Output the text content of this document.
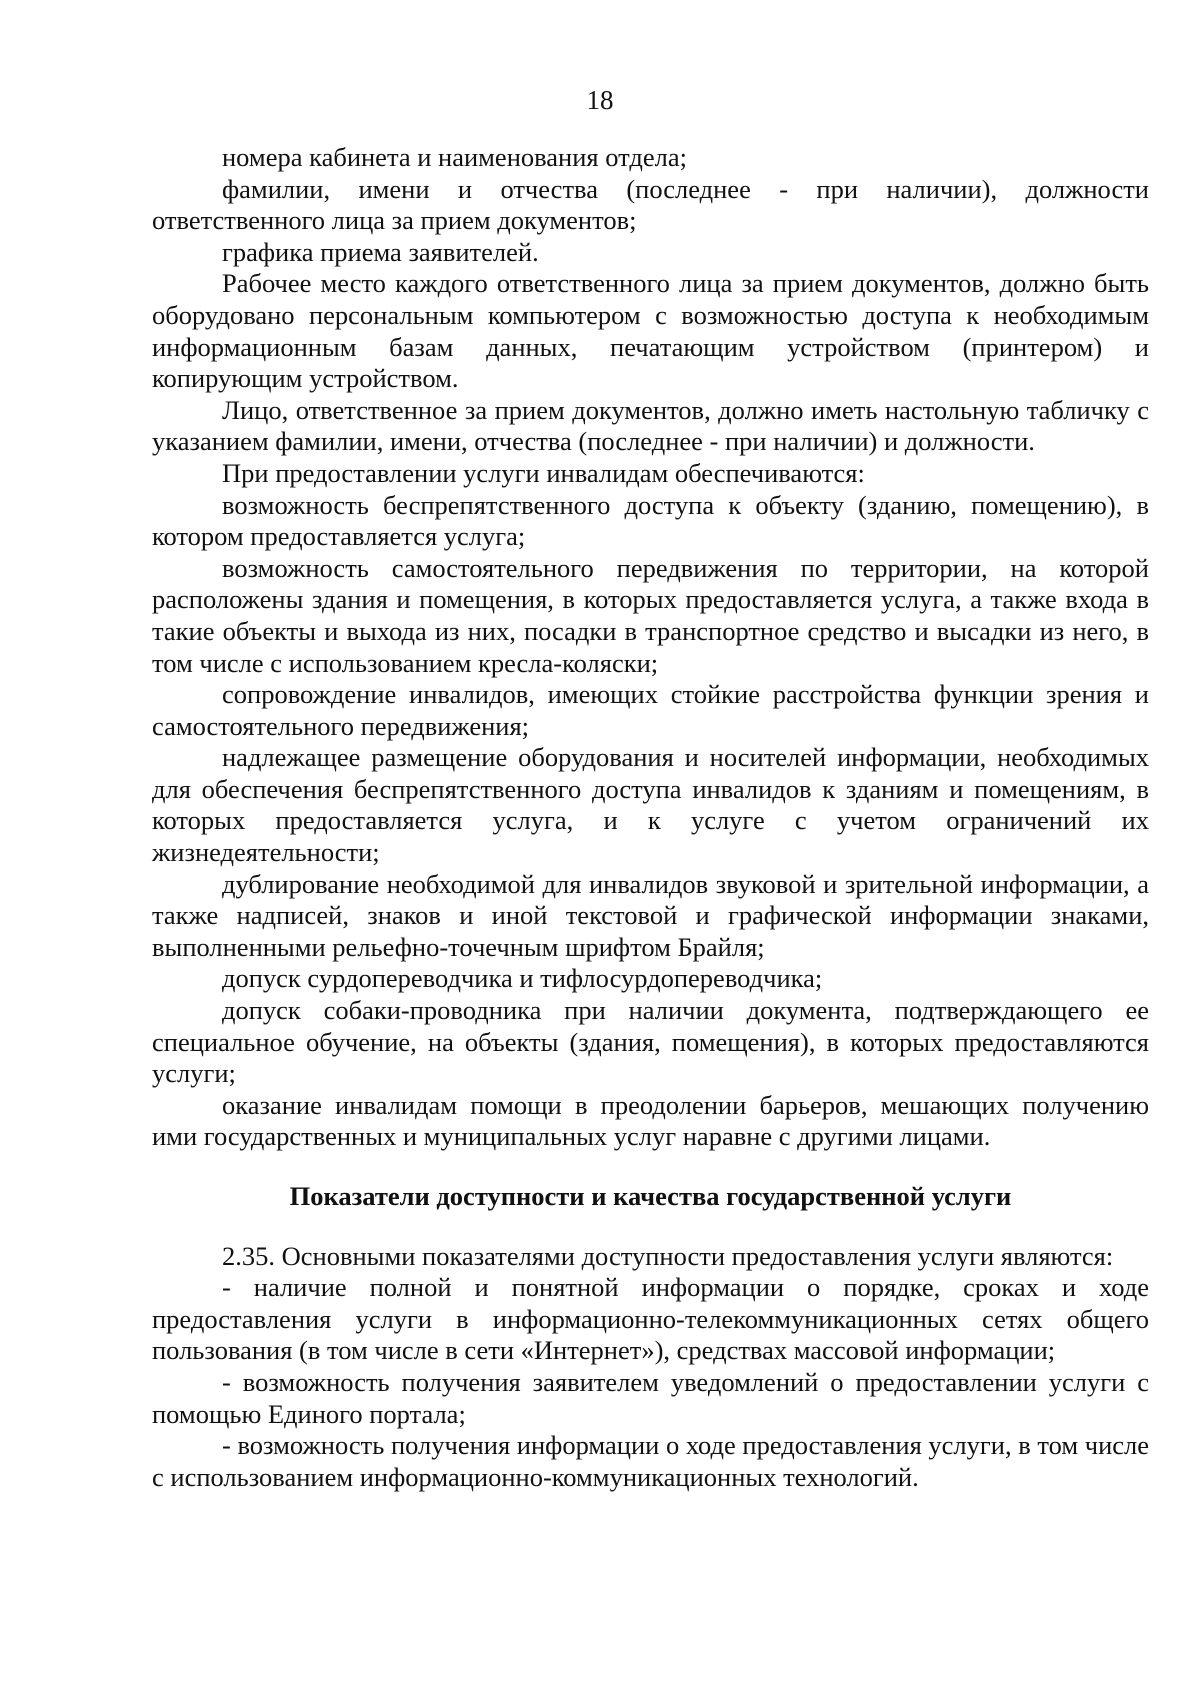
18

номера кабинета и наименования отдела;

фамилии, имени и отчества (последнее - при наличии), должности ответственного лица за прием документов;

графика приема заявителей.

Рабочее место каждого ответственного лица за прием документов, должно быть оборудовано персональным компьютером с возможностью доступа к необходимым информационным базам данных, печатающим устройством (принтером) и копирующим устройством.

Лицо, ответственное за прием документов, должно иметь настольную табличку с указанием фамилии, имени, отчества (последнее - при наличии) и должности.

При предоставлении услуги инвалидам обеспечиваются:

возможность беспрепятственного доступа к объекту (зданию, помещению), в котором предоставляется услуга;

возможность самостоятельного передвижения по территории, на которой расположены здания и помещения, в которых предоставляется услуга, а также входа в такие объекты и выхода из них, посадки в транспортное средство и высадки из него, в том числе с использованием кресла-коляски;

сопровождение инвалидов, имеющих стойкие расстройства функции зрения и самостоятельного передвижения;

надлежащее размещение оборудования и носителей информации, необходимых для обеспечения беспрепятственного доступа инвалидов к зданиям и помещениям, в которых предоставляется услуга, и к услуге с учетом ограничений их жизнедеятельности;

дублирование необходимой для инвалидов звуковой и зрительной информации, а также надписей, знаков и иной текстовой и графической информации знаками, выполненными рельефно-точечным шрифтом Брайля;

допуск сурдопереводчика и тифлосурдопереводчика;

допуск собаки-проводника при наличии документа, подтверждающего ее специальное обучение, на объекты (здания, помещения), в которых предоставляются услуги;

оказание инвалидам помощи в преодолении барьеров, мешающих получению ими государственных и муниципальных услуг наравне с другими лицами.

Показатели доступности и качества государственной услуги

2.35. Основными показателями доступности предоставления услуги являются:

- наличие полной и понятной информации о порядке, сроках и ходе предоставления услуги в информационно-телекоммуникационных сетях общего пользования (в том числе в сети «Интернет»), средствах массовой информации;

- возможность получения заявителем уведомлений о предоставлении услуги с помощью Единого портала;

- возможность получения информации о ходе предоставления услуги, в том числе с использованием информационно-коммуникационных технологий.
